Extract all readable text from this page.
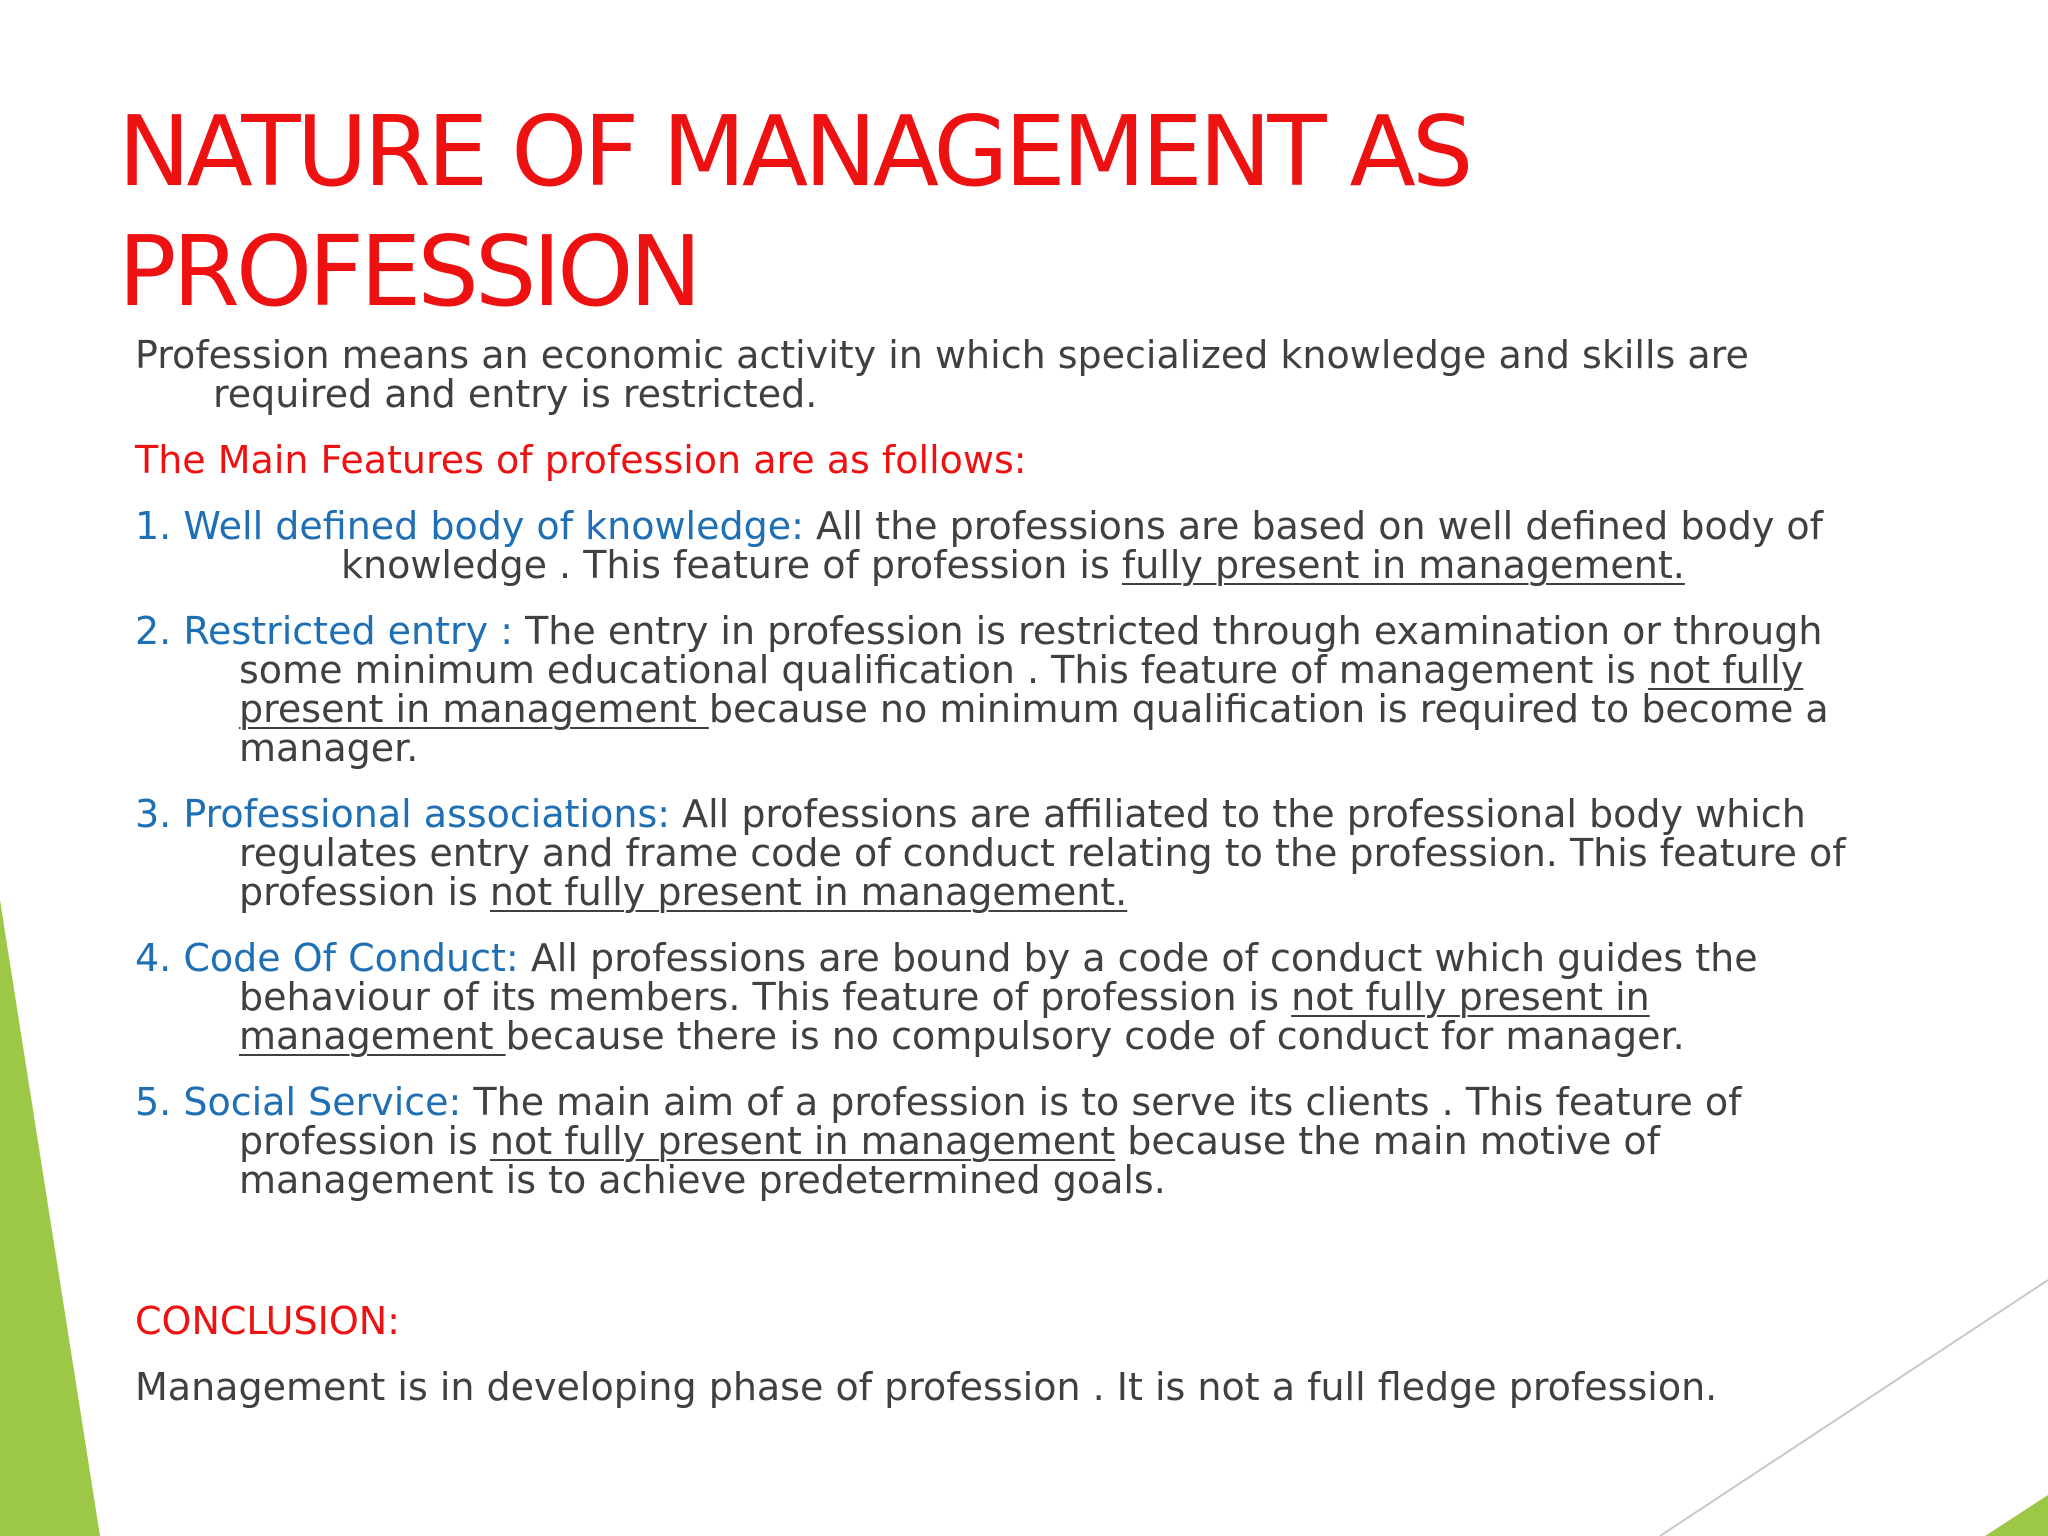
NATURE OF MANAGEMENT AS PROFESSION

Profession means an economic activity in which specialized knowledge and skills are required and entry is restricted.

The Main Features of profession are as follows:

1. Well defined body of knowledge: All the professions are based on well defined body of knowledge . This feature of profession is fully present in management.

2. Restricted entry : The entry in profession is restricted through examination or through some minimum educational qualification . This feature of management is not fully present in management because no minimum qualification is required to become a manager.

3. Professional associations: All professions are affiliated to the professional body which regulates entry and frame code of conduct relating to the profession. This feature of profession is not fully present in management.

4. Code Of Conduct: All professions are bound by a code of conduct which guides the behaviour of its members. This feature of profession is not fully present in management because there is no compulsory code of conduct for manager.

5. Social Service: The main aim of a profession is to serve its clients . This feature of profession is not fully present in management because the main motive of management is to achieve predetermined goals.

CONCLUSION:

Management is in developing phase of profession . It is not a full fledge profession.
